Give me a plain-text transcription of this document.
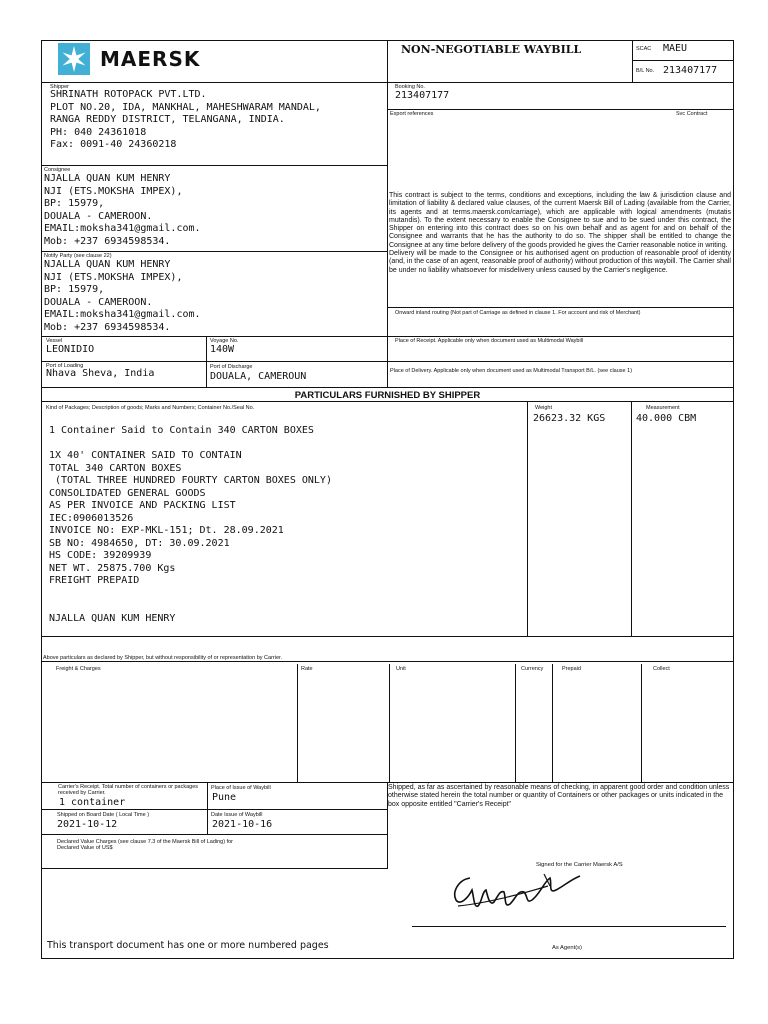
MAERSK	NON-NEGOTIABLE WAYBILL	SCAC MAEU
B/L No. 213407177
Shipper
SHRINATH ROTOPACK PVT.LTD.
PLOT NO.20, IDA, MANKHAL, MAHESHWARAM MANDAL,
RANGA REDDY DISTRICT, TELANGANA, INDIA.
PH: 040 24361018
Fax: 0091-40 24360218
Booking No.
213407177
Export references	Svc Contract
Consignee
NJALLA QUAN KUM HENRY
NJI (ETS.MOKSHA IMPEX),
BP: 15979,
DOUALA - CAMEROON.
EMAIL:moksha341@gmail.com.
Mob: +237 6934598534.

This contract is subject to the terms, conditions and exceptions, including the law & jurisdiction clause and limitation of liability & declared value clauses, of the current Maersk Bill of Lading (available from the Carrier, its agents and at terms.maersk.com/carriage), which are applicable with logical amendments (mutatis mutandis). To the extent necessary to enable the Consignee to sue and to be sued under this contract, the Shipper on entering into this contract does so on his own behalf and as agent for and on behalf of the Consignee and warrants that he has the authority to do so. The shipper shall be entitled to change the Consignee at any time before delivery of the goods provided he gives the Carrier reasonable notice in writing.

Delivery will be made to the Consignee or his authorised agent on production of reasonable proof of identity (and, in the case of an agent, reasonable proof of authority) without production of this waybill. The Carrier shall be under no liability whatsoever for misdelivery unless caused by the Carrier's negligence.

Notify Party (see clause 22)
NJALLA QUAN KUM HENRY
NJI (ETS.MOKSHA IMPEX),
BP: 15979,
DOUALA - CAMEROON.
EMAIL:moksha341@gmail.com.
Mob: +237 6934598534.
Onward inland routing (Not part of Carriage as defined in clause 1. For account and risk of Merchant)
Vessel
LEONIDIO
Voyage No.
140W
Place of Receipt. Applicable only when document used as Multimodal Waybill
Port of Loading
Nhava Sheva, India
Port of Discharge
DOUALA, CAMEROUN	Place of Delivery. Applicable only when document used as Multimodal Transport B/L. (see clause 1)
PARTICULARS FURNISHED BY SHIPPER
Kind of Packages; Description of goods; Marks and Numbers; Container No./Seal No.	Weight	Measurement
26623.32 KGS	40.000 CBM
1 Container Said to Contain 340 CARTON BOXES

1X 40' CONTAINER SAID TO CONTAIN
TOTAL 340 CARTON BOXES
(TOTAL THREE HUNDRED FOURTY CARTON BOXES ONLY)
CONSOLIDATED GENERAL GOODS
AS PER INVOICE AND PACKING LIST
IEC:0906013526
INVOICE NO: EXP-MKL-151; Dt. 28.09.2021
SB NO: 4984650, DT: 30.09.2021
HS CODE: 39209939
NET WT. 25875.700 Kgs
FREIGHT PREPAID

NJALLA QUAN KUM HENRY
Above particulars as declared by Shipper, but without responsibility of or representation by Carrier.
Freight & Charges	Rate	Unit	Currency	Prepaid	Collect
Carrier's Receipt. Total number of containers or packages received by Carrier.
1 container
Place of Issue of Waybill
Pune
Shipped on Board Date ( Local Time )
2021-10-12
Date Issue of Waybill
2021-10-16
Declared Value Charges (see clause 7.3 of the Maersk Bill of Lading) for Declared Value of US$
Shipped, as far as ascertained by reasonable means of checking, in apparent good order and condition unless otherwise stated herein the total number or quantity of Containers or other packages or units indicated in the box opposite entitled "Carrier's Receipt"
Signed for the Carrier Maersk A/S
As Agent(s)
This transport document has one or more numbered pages
